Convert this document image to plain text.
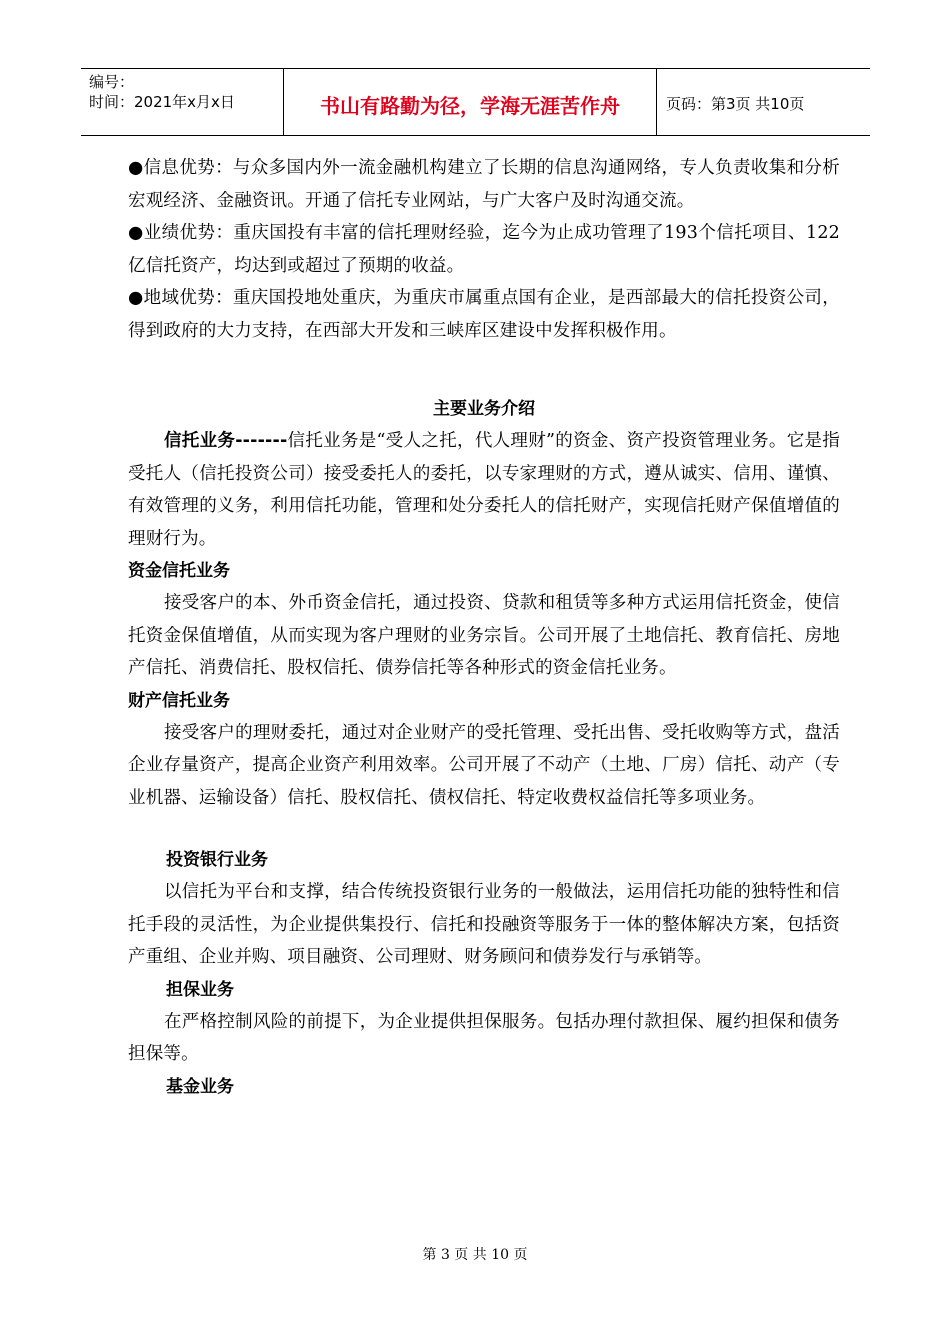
编号：
时间：2021年x月x日	书山有路勤为径，学海无涯苦作舟	页码：第3页 共10页

●信息优势：与众多国内外一流金融机构建立了长期的信息沟通网络，专人负责收集和分析宏观经济、金融资讯。开通了信托专业网站，与广大客户及时沟通交流。

●业绩优势：重庆国投有丰富的信托理财经验，迄今为止成功管理了193个信托项目、122亿信托资产，均达到或超过了预期的收益。

●地域优势：重庆国投地处重庆，为重庆市属重点国有企业，是西部最大的信托投资公司，得到政府的大力支持，在西部大开发和三峡库区建设中发挥积极作用。

主要业务介绍

信托业务-------信托业务是“受人之托，代人理财”的资金、资产投资管理业务。它是指受托人（信托投资公司）接受委托人的委托，以专家理财的方式，遵从诚实、信用、谨慎、有效管理的义务，利用信托功能，管理和处分委托人的信托财产，实现信托财产保值增值的理财行为。

资金信托业务

接受客户的本、外币资金信托，通过投资、贷款和租赁等多种方式运用信托资金，使信托资金保值增值，从而实现为客户理财的业务宗旨。公司开展了土地信托、教育信托、房地产信托、消费信托、股权信托、债券信托等各种形式的资金信托业务。

财产信托业务

接受客户的理财委托，通过对企业财产的受托管理、受托出售、受托收购等方式，盘活企业存量资产，提高企业资产利用效率。公司开展了不动产（土地、厂房）信托、动产（专业机器、运输设备）信托、股权信托、债权信托、特定收费权益信托等多项业务。

投资银行业务

以信托为平台和支撑，结合传统投资银行业务的一般做法，运用信托功能的独特性和信托手段的灵活性，为企业提供集投行、信托和投融资等服务于一体的整体解决方案，包括资产重组、企业并购、项目融资、公司理财、财务顾问和债券发行与承销等。

担保业务

在严格控制风险的前提下，为企业提供担保服务。包括办理付款担保、履约担保和债务担保等。

基金业务

第 3 页 共 10 页
